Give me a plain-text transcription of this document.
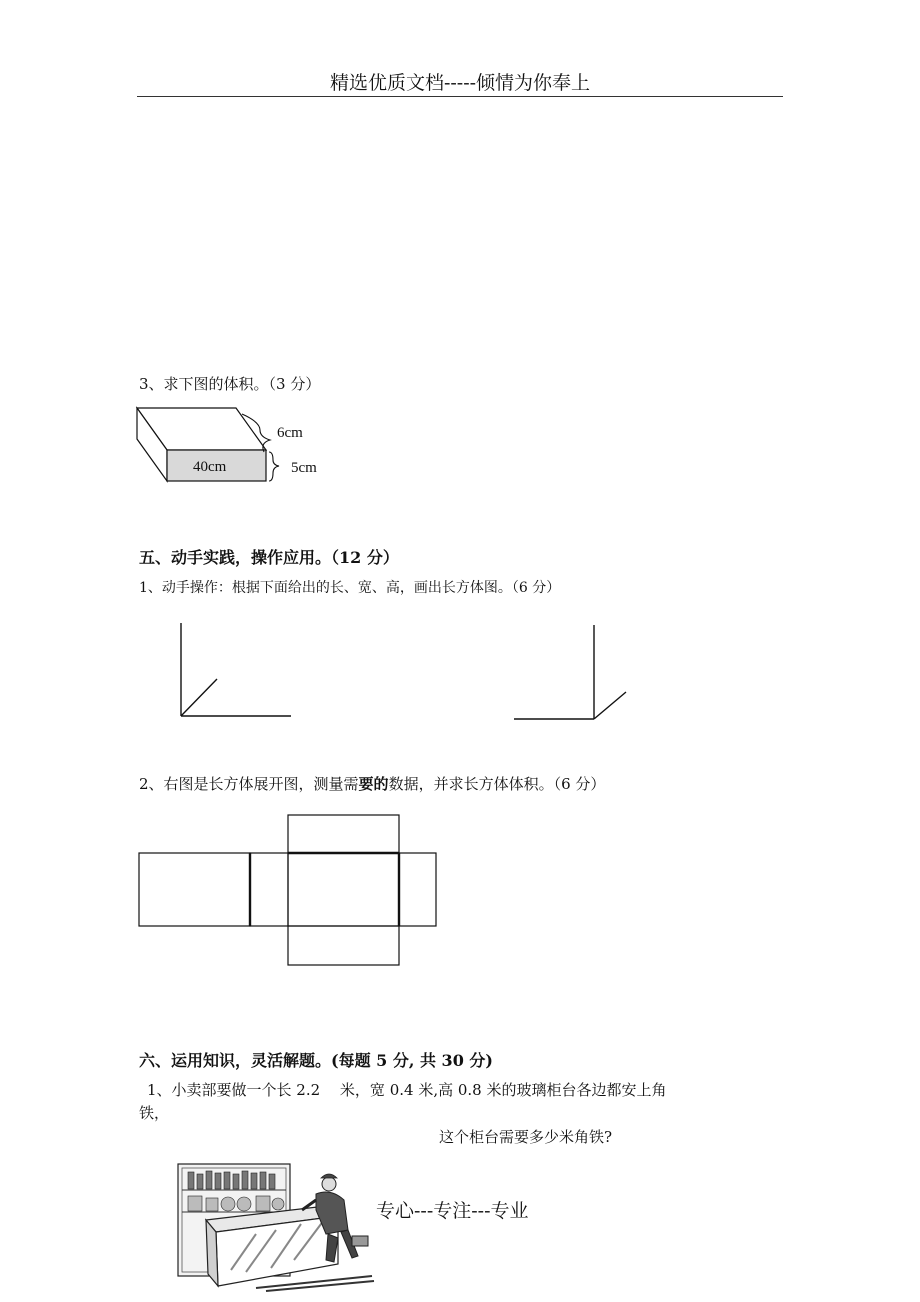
精选优质文档-----倾情为你奉上
3、求下图的体积。（3 分）
40cm
6cm
5cm
五、动手实践，操作应用。（12 分）
1、动手操作：根据下面给出的长、宽、高，画出长方体图。（6 分）
2、右图是长方体展开图，测量需要的数据，并求长方体体积。（6 分）
六、运用知识，灵活解题。(每题 5 分, 共 30 分)
1、小卖部要做一个长 2.2　 米，宽 0.4 米,高 0.8 米的玻璃柜台各边都安上角
铁，
这个柜台需要多少米角铁?
专心---专注---专业
